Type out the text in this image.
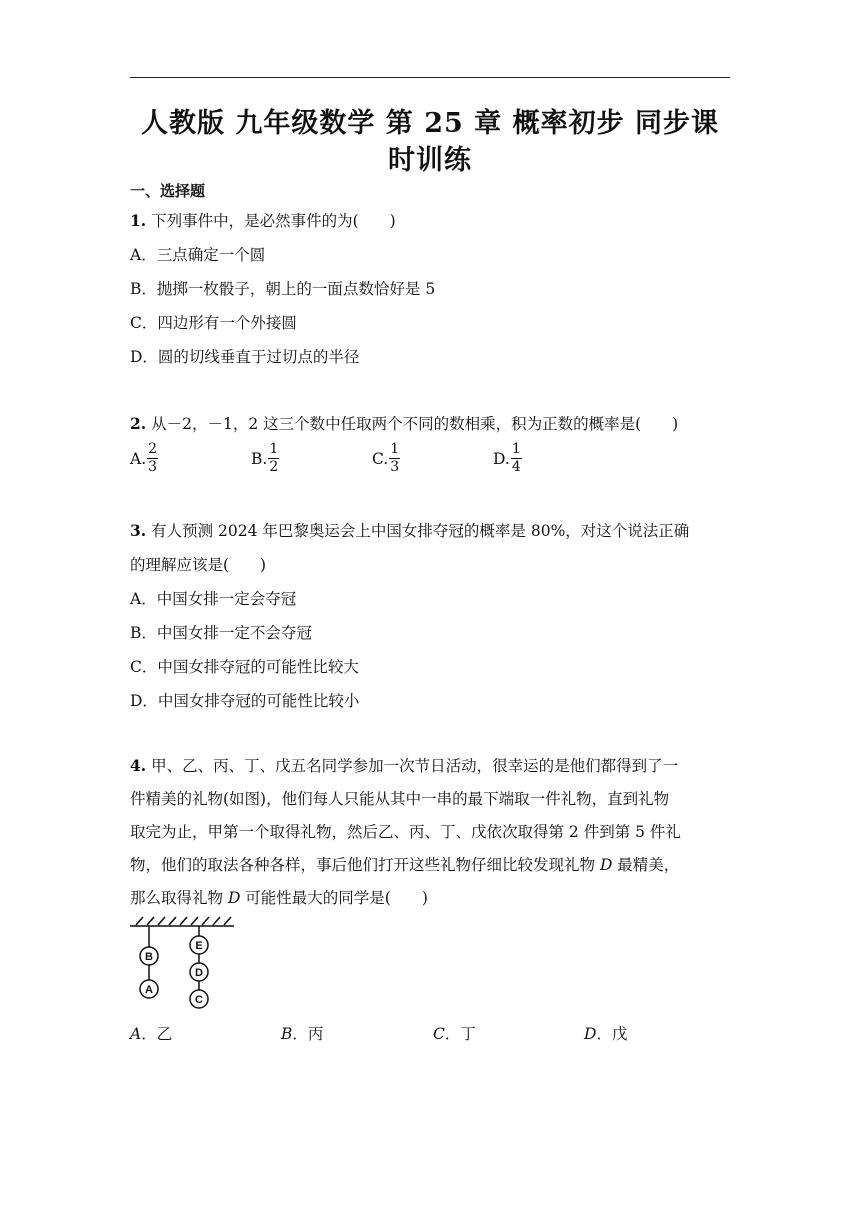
人教版 九年级数学 第 25 章 概率初步 同步课
时训练
一、选择题
1. 下列事件中，是必然事件的为(　　)
A．三点确定一个圆
B．抛掷一枚骰子，朝上的一面点数恰好是 5
C．四边形有一个外接圆
D．圆的切线垂直于过切点的半径
2. 从－2，－1，2 这三个数中任取两个不同的数相乘，积为正数的概率是(　　)
A. $\frac{2}{3}$	B. $\frac{1}{2}$	C. $\frac{1}{3}$	D. $\frac{1}{4}$
3. 有人预测 2024 年巴黎奥运会上中国女排夺冠的概率是 80%，对这个说法正确
的理解应该是(　　)
A．中国女排一定会夺冠
B．中国女排一定不会夺冠
C．中国女排夺冠的可能性比较大
D．中国女排夺冠的可能性比较小
4. 甲、乙、丙、丁、戊五名同学参加一次节日活动，很幸运的是他们都得到了一
件精美的礼物(如图)，他们每人只能从其中一串的最下端取一件礼物，直到礼物
取完为止，甲第一个取得礼物，然后乙、丙、丁、戊依次取得第 2 件到第 5 件礼
物，他们的取法各种各样，事后他们打开这些礼物仔细比较发现礼物 D 最精美，
那么取得礼物 D 可能性最大的同学是(　　)
B
A
E
D
C
A．乙	B．丙	C．丁	D．戊
